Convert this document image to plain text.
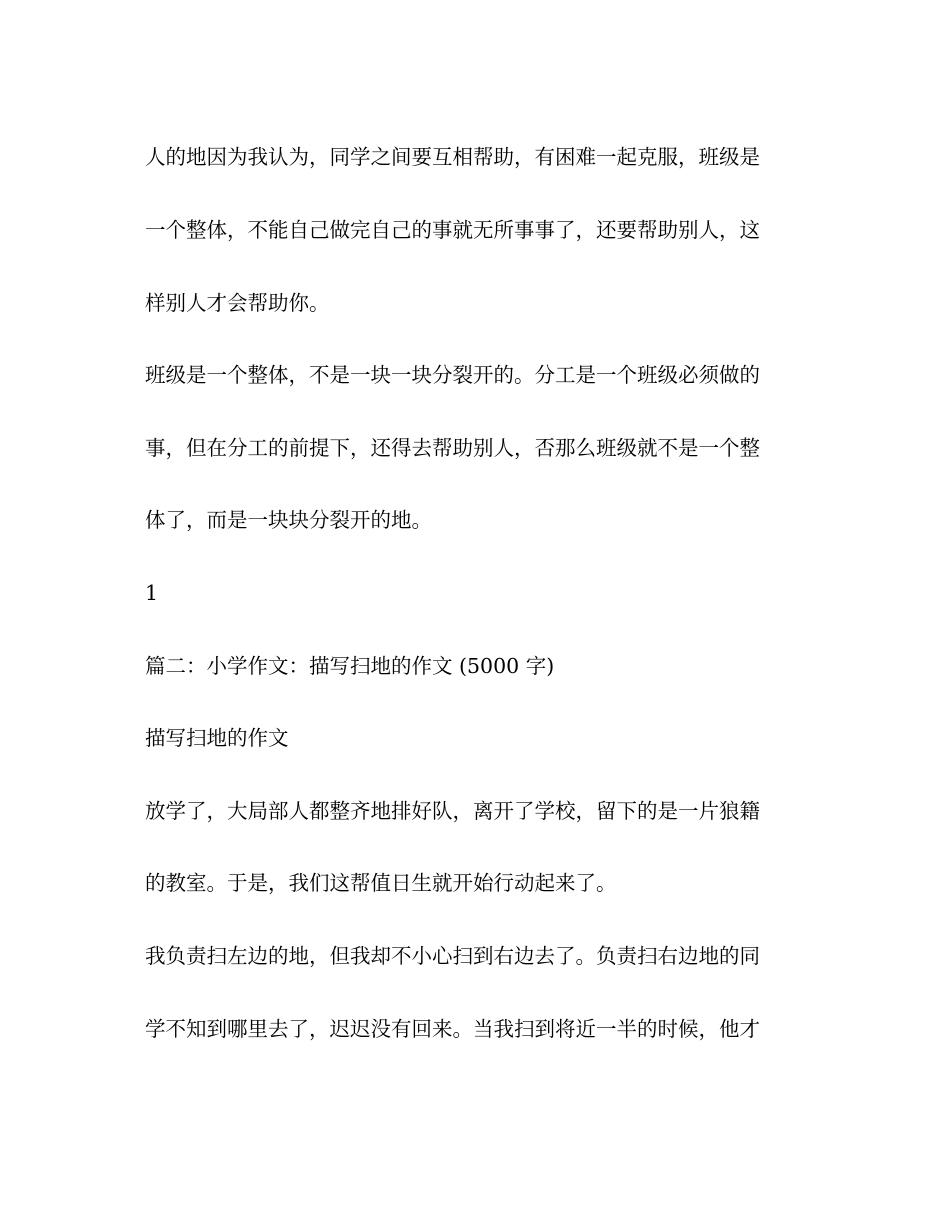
人的地因为我认为，同学之间要互相帮助，有困难一起克服，班级是
一个整体，不能自己做完自己的事就无所事事了，还要帮助别人，这
样别人才会帮助你。
班级是一个整体，不是一块一块分裂开的。分工是一个班级必须做的
事，但在分工的前提下，还得去帮助别人，否那么班级就不是一个整
体了，而是一块块分裂开的地。
1
篇二：小学作文：描写扫地的作文 (5000 字)
描写扫地的作文
放学了，大局部人都整齐地排好队，离开了学校，留下的是一片狼籍
的教室。于是，我们这帮值日生就开始行动起来了。
我负责扫左边的地，但我却不小心扫到右边去了。负责扫右边地的同
学不知到哪里去了，迟迟没有回来。当我扫到将近一半的时候，他才
